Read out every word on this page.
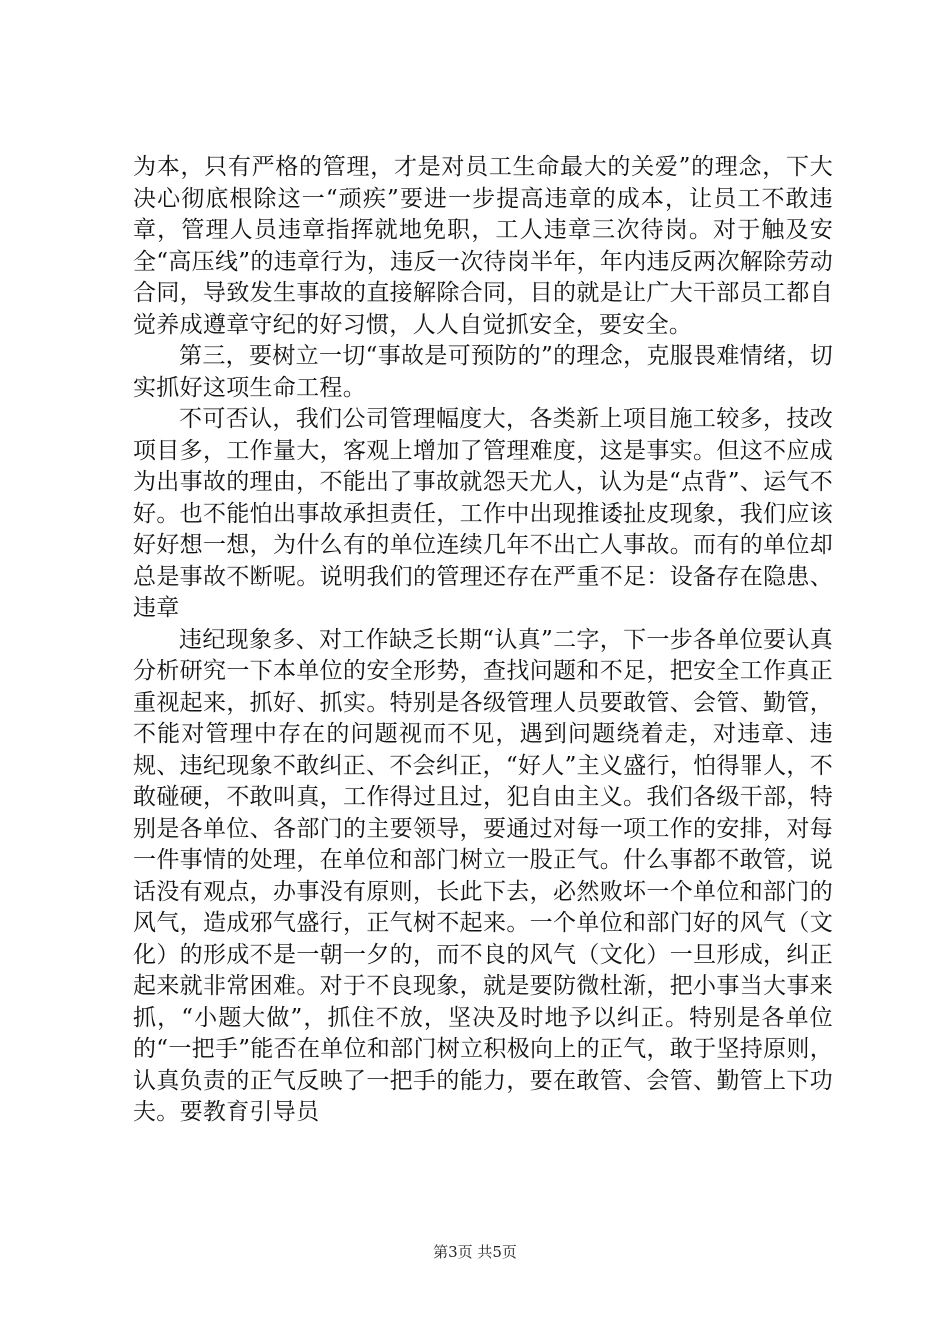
为本，只有严格的管理，才是对员工生命最大的关爱”的理念，下大决心彻底根除这一“顽疾”要进一步提高违章的成本，让员工不敢违章，管理人员违章指挥就地免职，工人违章三次待岗。对于触及安全“高压线”的违章行为，违反一次待岗半年，年内违反两次解除劳动合同，导致发生事故的直接解除合同，目的就是让广大干部员工都自觉养成遵章守纪的好习惯，人人自觉抓安全，要安全。

第三，要树立一切“事故是可预防的”的理念，克服畏难情绪，切实抓好这项生命工程。

不可否认，我们公司管理幅度大，各类新上项目施工较多，技改项目多，工作量大，客观上增加了管理难度，这是事实。但这不应成为出事故的理由，不能出了事故就怨天尤人，认为是“点背”、运气不好。也不能怕出事故承担责任，工作中出现推诿扯皮现象，我们应该好好想一想，为什么有的单位连续几年不出亡人事故。而有的单位却总是事故不断呢。说明我们的管理还存在严重不足：设备存在隐患、违章

违纪现象多、对工作缺乏长期“认真”二字，下一步各单位要认真分析研究一下本单位的安全形势，查找问题和不足，把安全工作真正重视起来，抓好、抓实。特别是各级管理人员要敢管、会管、勤管，不能对管理中存在的问题视而不见，遇到问题绕着走，对违章、违规、违纪现象不敢纠正、不会纠正，“好人”主义盛行，怕得罪人，不敢碰硬，不敢叫真，工作得过且过，犯自由主义。我们各级干部，特别是各单位、各部门的主要领导，要通过对每一项工作的安排，对每一件事情的处理，在单位和部门树立一股正气。什么事都不敢管，说话没有观点，办事没有原则，长此下去，必然败坏一个单位和部门的风气，造成邪气盛行，正气树不起来。一个单位和部门好的风气（文化）的形成不是一朝一夕的，而不良的风气（文化）一旦形成，纠正起来就非常困难。对于不良现象，就是要防微杜渐，把小事当大事来抓，“小题大做”，抓住不放，坚决及时地予以纠正。特别是各单位的“一把手”能否在单位和部门树立积极向上的正气，敢于坚持原则，认真负责的正气反映了一把手的能力，要在敢管、会管、勤管上下功夫。要教育引导员

第3页 共5页
